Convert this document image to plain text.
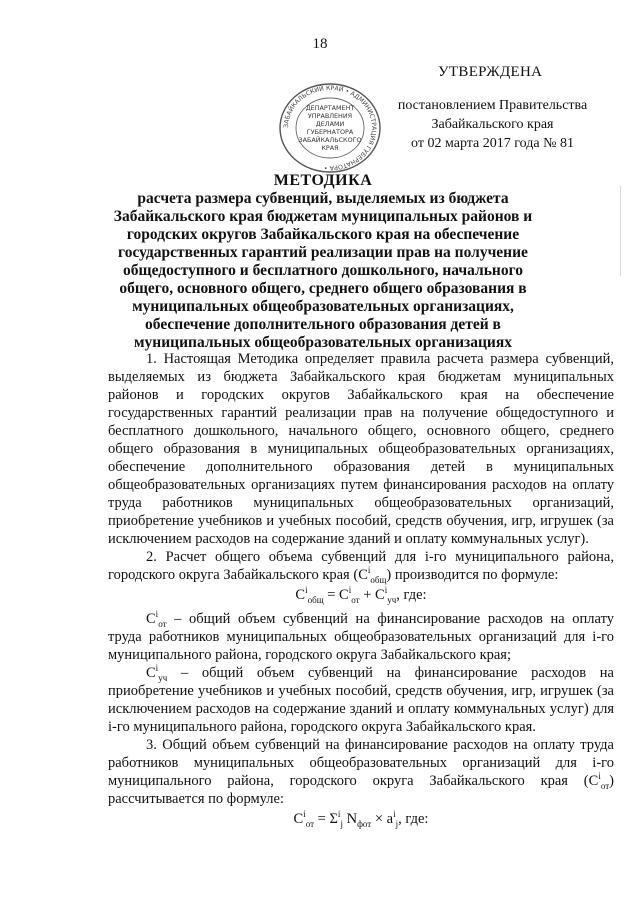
18
УТВЕРЖДЕНА
постановлением Правительства
Забайкальского края
от 02 марта 2017 года № 81
ЗАБАЙКАЛЬСКИЙ КРАЙ • АДМИНИСТРАЦИЯ ГУБЕРНАТОРА •
ДЕПАРТАМЕНТ
УПРАВЛЕНИЯ
ДЕЛАМИ
ГУБЕРНАТОРА
ЗАБАЙКАЛЬСКОГО
КРАЯ
МЕТОДИКА
расчета размера субвенций, выделяемых из бюджета Забайкальского края бюджетам муниципальных районов и городских округов Забайкальского края на обеспечение государственных гарантий реализации прав на получение общедоступного и бесплатного дошкольного, начального общего, основного общего, среднего общего образования в муниципальных общеобразовательных организациях, обеспечение дополнительного образования детей в муниципальных общеобразовательных организациях

1. Настоящая Методика определяет правила расчета размера субвенций, выделяемых из бюджета Забайкальского края бюджетам муниципальных районов и городских округов Забайкальского края на обеспечение государственных гарантий реализации прав на получение общедоступного и бесплатного дошкольного, начального общего, основного общего, среднего общего образования в муниципальных общеобразовательных организациях, обеспечение дополнительного образования детей в муниципальных общеобразовательных организациях путем финансирования расходов на оплату труда работников муниципальных общеобразовательных организаций, приобретение учебников и учебных пособий, средств обучения, игр, игрушек (за исключением расходов на содержание зданий и оплату коммунальных услуг).

2. Расчет общего объема субвенций для i-го муниципального района, городского округа Забайкальского края $(C^i_{общ})$ производится по формуле:

$C^i_{общ} = C^i_{от} + C^i_{уч}$, где:

$C^i_{от}$ – общий объем субвенций на финансирование расходов на оплату труда работников муниципальных общеобразовательных организаций для i-го муниципального района, городского округа Забайкальского края;

$C^i_{уч}$ – общий объем субвенций на финансирование расходов на приобретение учебников и учебных пособий, средств обучения, игр, игрушек (за исключением расходов на содержание зданий и оплату коммунальных услуг) для i-го муниципального района, городского округа Забайкальского края.

3. Общий объем субвенций на финансирование расходов на оплату труда работников муниципальных общеобразовательных организаций для i-го муниципального района, городского округа Забайкальского края $(C^i_{от})$ рассчитывается по формуле:

$C^i_{от} = \Sigma^i_j$ $N_{фот} \times a^i_j$, где:
